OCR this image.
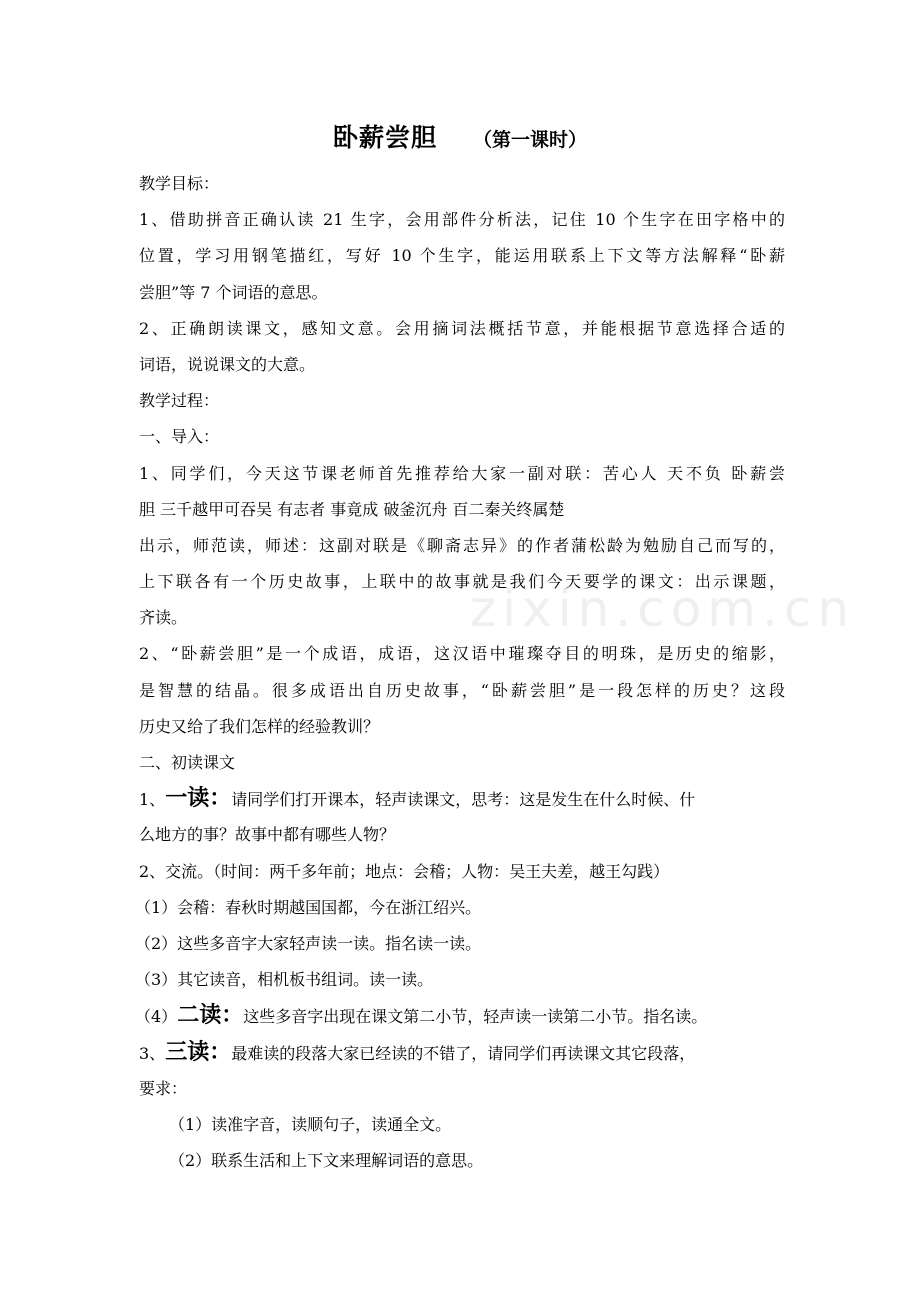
zixin.com.cn
卧薪尝胆 （第一课时）
教学目标：
1、借助拼音正确认读 21 生字，会用部件分析法，记住 10 个生字在田字格中的
位置，学习用钢笔描红，写好 10 个生字，能运用联系上下文等方法解释“卧薪
尝胆”等 7 个词语的意思。
2、正确朗读课文，感知文意。会用摘词法概括节意，并能根据节意选择合适的
词语，说说课文的大意。
教学过程：
一、导入：
1、同学们，今天这节课老师首先推荐给大家一副对联：苦心人 天不负 卧薪尝
胆 三千越甲可吞吴 有志者 事竟成 破釜沉舟 百二秦关终属楚
出示，师范读，师述：这副对联是《聊斋志异》的作者蒲松龄为勉励自己而写的，
上下联各有一个历史故事，上联中的故事就是我们今天要学的课文：出示课题，
齐读。
2、“卧薪尝胆”是一个成语，成语，这汉语中璀璨夺目的明珠，是历史的缩影，
是智慧的结晶。很多成语出自历史故事，“卧薪尝胆”是一段怎样的历史？这段
历史又给了我们怎样的经验教训？
二、初读课文
1、一读：请同学们打开课本，轻声读课文，思考：这是发生在什么时候、什
么地方的事？故事中都有哪些人物？
2、交流。（时间：两千多年前；地点：会稽；人物：吴王夫差，越王勾践）
（1）会稽：春秋时期越国国都，今在浙江绍兴。
（2）这些多音字大家轻声读一读。指名读一读。
（3）其它读音，相机板书组词。读一读。
（4）二读：这些多音字出现在课文第二小节，轻声读一读第二小节。指名读。
3、三读：最难读的段落大家已经读的不错了，请同学们再读课文其它段落，
要求：
（1）读准字音，读顺句子，读通全文。
（2）联系生活和上下文来理解词语的意思。
